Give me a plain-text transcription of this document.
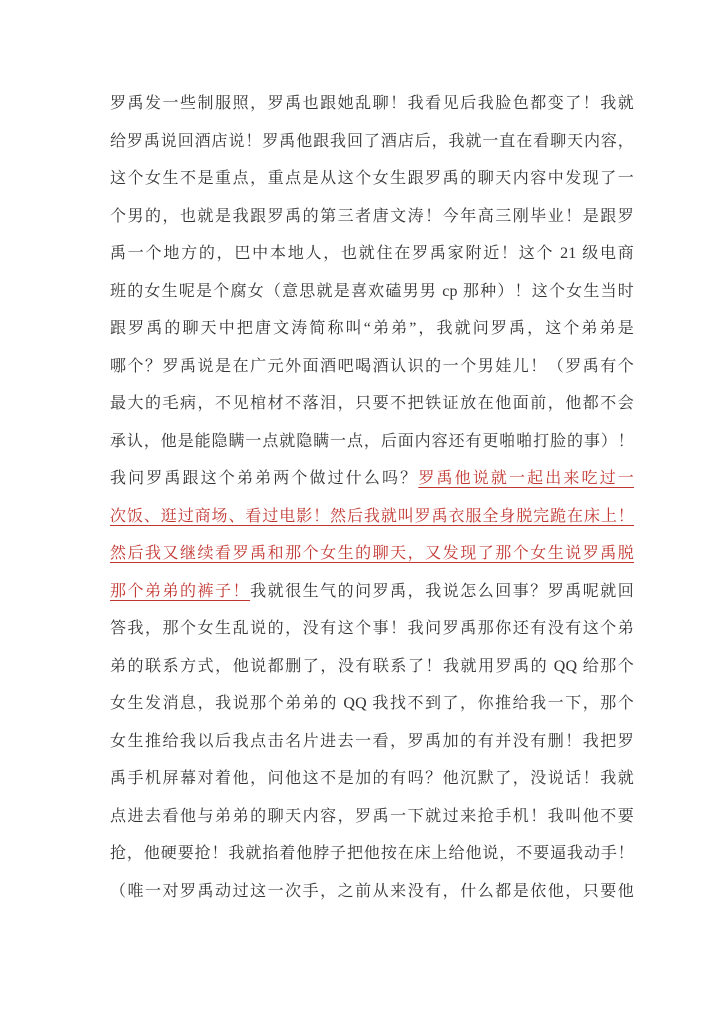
罗禹发一些制服照，罗禹也跟她乱聊！我看见后我脸色都变了！我就
给罗禹说回酒店说！罗禹他跟我回了酒店后，我就一直在看聊天内容，
这个女生不是重点，重点是从这个女生跟罗禹的聊天内容中发现了一
个男的，也就是我跟罗禹的第三者唐文涛！今年高三刚毕业！是跟罗
禹一个地方的，巴中本地人，也就住在罗禹家附近！这个 21 级电商
班的女生呢是个腐女（意思就是喜欢磕男男 cp 那种）！这个女生当时
跟罗禹的聊天中把唐文涛简称叫“弟弟”，我就问罗禹，这个弟弟是
哪个？罗禹说是在广元外面酒吧喝酒认识的一个男娃儿！（罗禹有个
最大的毛病，不见棺材不落泪，只要不把铁证放在他面前，他都不会
承认，他是能隐瞒一点就隐瞒一点，后面内容还有更啪啪打脸的事）！
我问罗禹跟这个弟弟两个做过什么吗？罗禹他说就一起出来吃过一
次饭、逛过商场、看过电影！然后我就叫罗禹衣服全身脱完跪在床上！
然后我又继续看罗禹和那个女生的聊天，又发现了那个女生说罗禹脱
那个弟弟的裤子！我就很生气的问罗禹，我说怎么回事？罗禹呢就回
答我，那个女生乱说的，没有这个事！我问罗禹那你还有没有这个弟
弟的联系方式，他说都删了，没有联系了！我就用罗禹的 QQ 给那个
女生发消息，我说那个弟弟的 QQ 我找不到了，你推给我一下，那个
女生推给我以后我点击名片进去一看，罗禹加的有并没有删！我把罗
禹手机屏幕对着他，问他这不是加的有吗？他沉默了，没说话！我就
点进去看他与弟弟的聊天内容，罗禹一下就过来抢手机！我叫他不要
抢，他硬要抢！我就掐着他脖子把他按在床上给他说，不要逼我动手！
（唯一对罗禹动过这一次手，之前从来没有，什么都是依他，只要他
